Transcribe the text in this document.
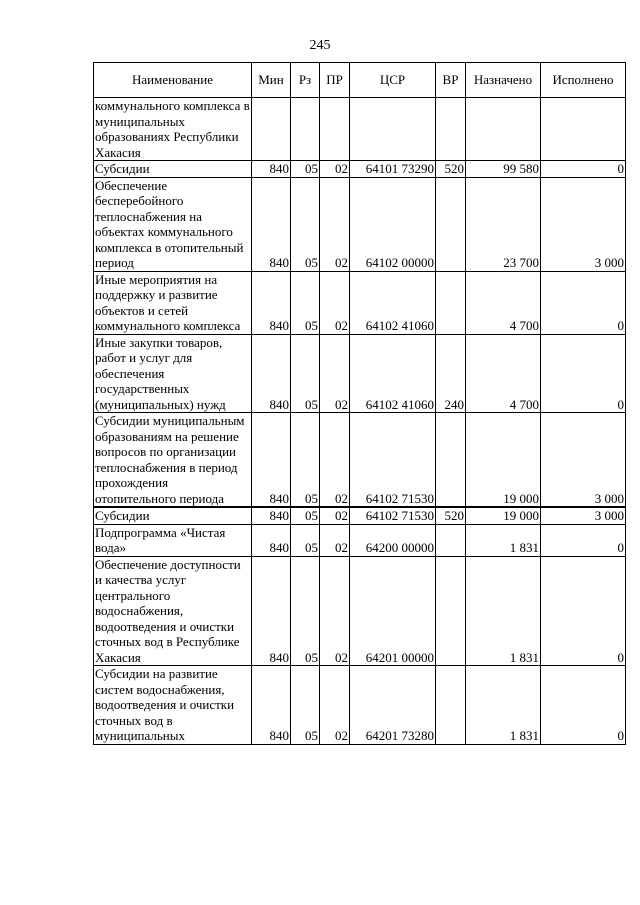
245
Наименование	Мин	Рз	ПР	ЦСР	ВР	Назначено	Исполнено
коммунального комплекса в муниципальных образованиях Республики Хакасия							
Субсидии	840	05	02	64101 73290	520	99 580	0
Обеспечение бесперебойного теплоснабжения на объектах коммунального комплекса в отопительный период	840	05	02	64102 00000		23 700	3 000
Иные мероприятия на поддержку и развитие объектов и сетей коммунального комплекса	840	05	02	64102 41060		4 700	0
Иные закупки товаров, работ и услуг для обеспечения государственных (муниципальных) нужд	840	05	02	64102 41060	240	4 700	0
Субсидии муниципальным образованиям на решение вопросов по организации теплоснабжения в период прохождения отопительного периода	840	05	02	64102 71530		19 000	3 000
Субсидии	840	05	02	64102 71530	520	19 000	3 000
Подпрограмма «Чистая вода»	840	05	02	64200 00000		1 831	0
Обеспечение доступности и качества услуг центрального водоснабжения, водоотведения и очистки сточных вод в Республике Хакасия	840	05	02	64201 00000		1 831	0
Субсидии на развитие систем водоснабжения, водоотведения и очистки сточных вод в муниципальных	840	05	02	64201 73280		1 831	0
